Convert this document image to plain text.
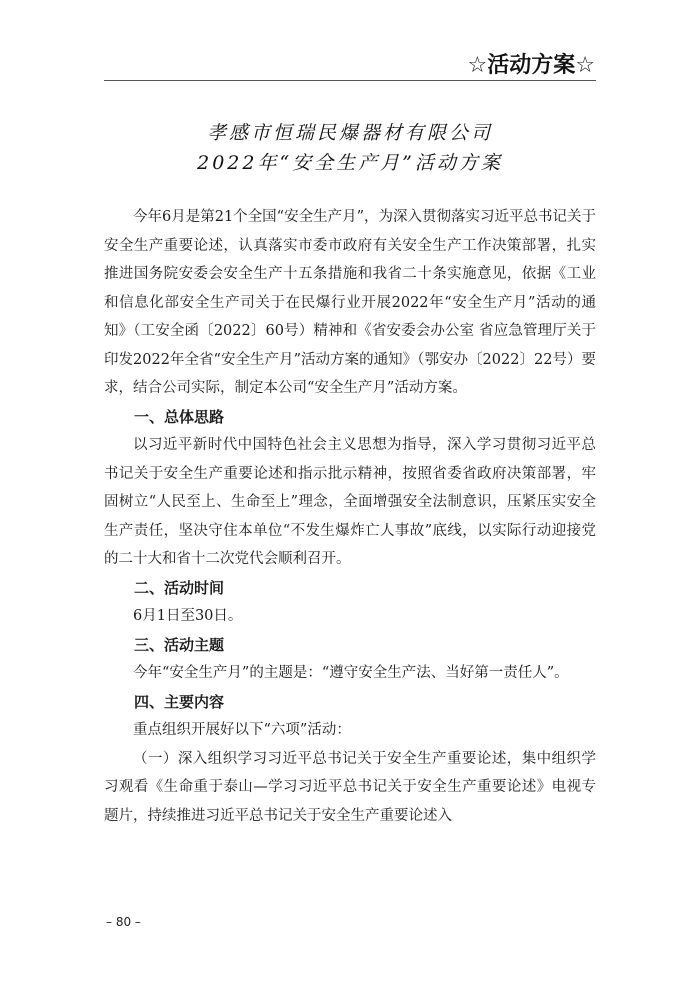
☆活动方案☆
孝感市恒瑞民爆器材有限公司
2022年“安全生产月”活动方案

今年6月是第21个全国“安全生产月”，为深入贯彻落实习近平总书记关于安全生产重要论述，认真落实市委市政府有关安全生产工作决策部署，扎实推进国务院安委会安全生产十五条措施和我省二十条实施意见，依据《工业和信息化部安全生产司关于在民爆行业开展2022年“安全生产月”活动的通知》（工安全函〔2022〕60号）精神和《省安委会办公室 省应急管理厅关于印发2022年全省“安全生产月”活动方案的通知》（鄂安办〔2022〕22号）要求，结合公司实际，制定本公司“安全生产月”活动方案。

一、总体思路

以习近平新时代中国特色社会主义思想为指导，深入学习贯彻习近平总书记关于安全生产重要论述和指示批示精神，按照省委省政府决策部署，牢固树立“人民至上、生命至上”理念，全面增强安全法制意识，压紧压实安全生产责任，坚决守住本单位“不发生爆炸亡人事故”底线，以实际行动迎接党的二十大和省十二次党代会顺利召开。

二、活动时间

6月1日至30日。

三、活动主题

今年“安全生产月”的主题是：“遵守安全生产法、当好第一责任人”。

四、主要内容

重点组织开展好以下“六项”活动：

（一）深入组织学习习近平总书记关于安全生产重要论述，集中组织学习观看《生命重于泰山—学习习近平总书记关于安全生产重要论述》电视专题片，持续推进习近平总书记关于安全生产重要论述入

– 80 –
